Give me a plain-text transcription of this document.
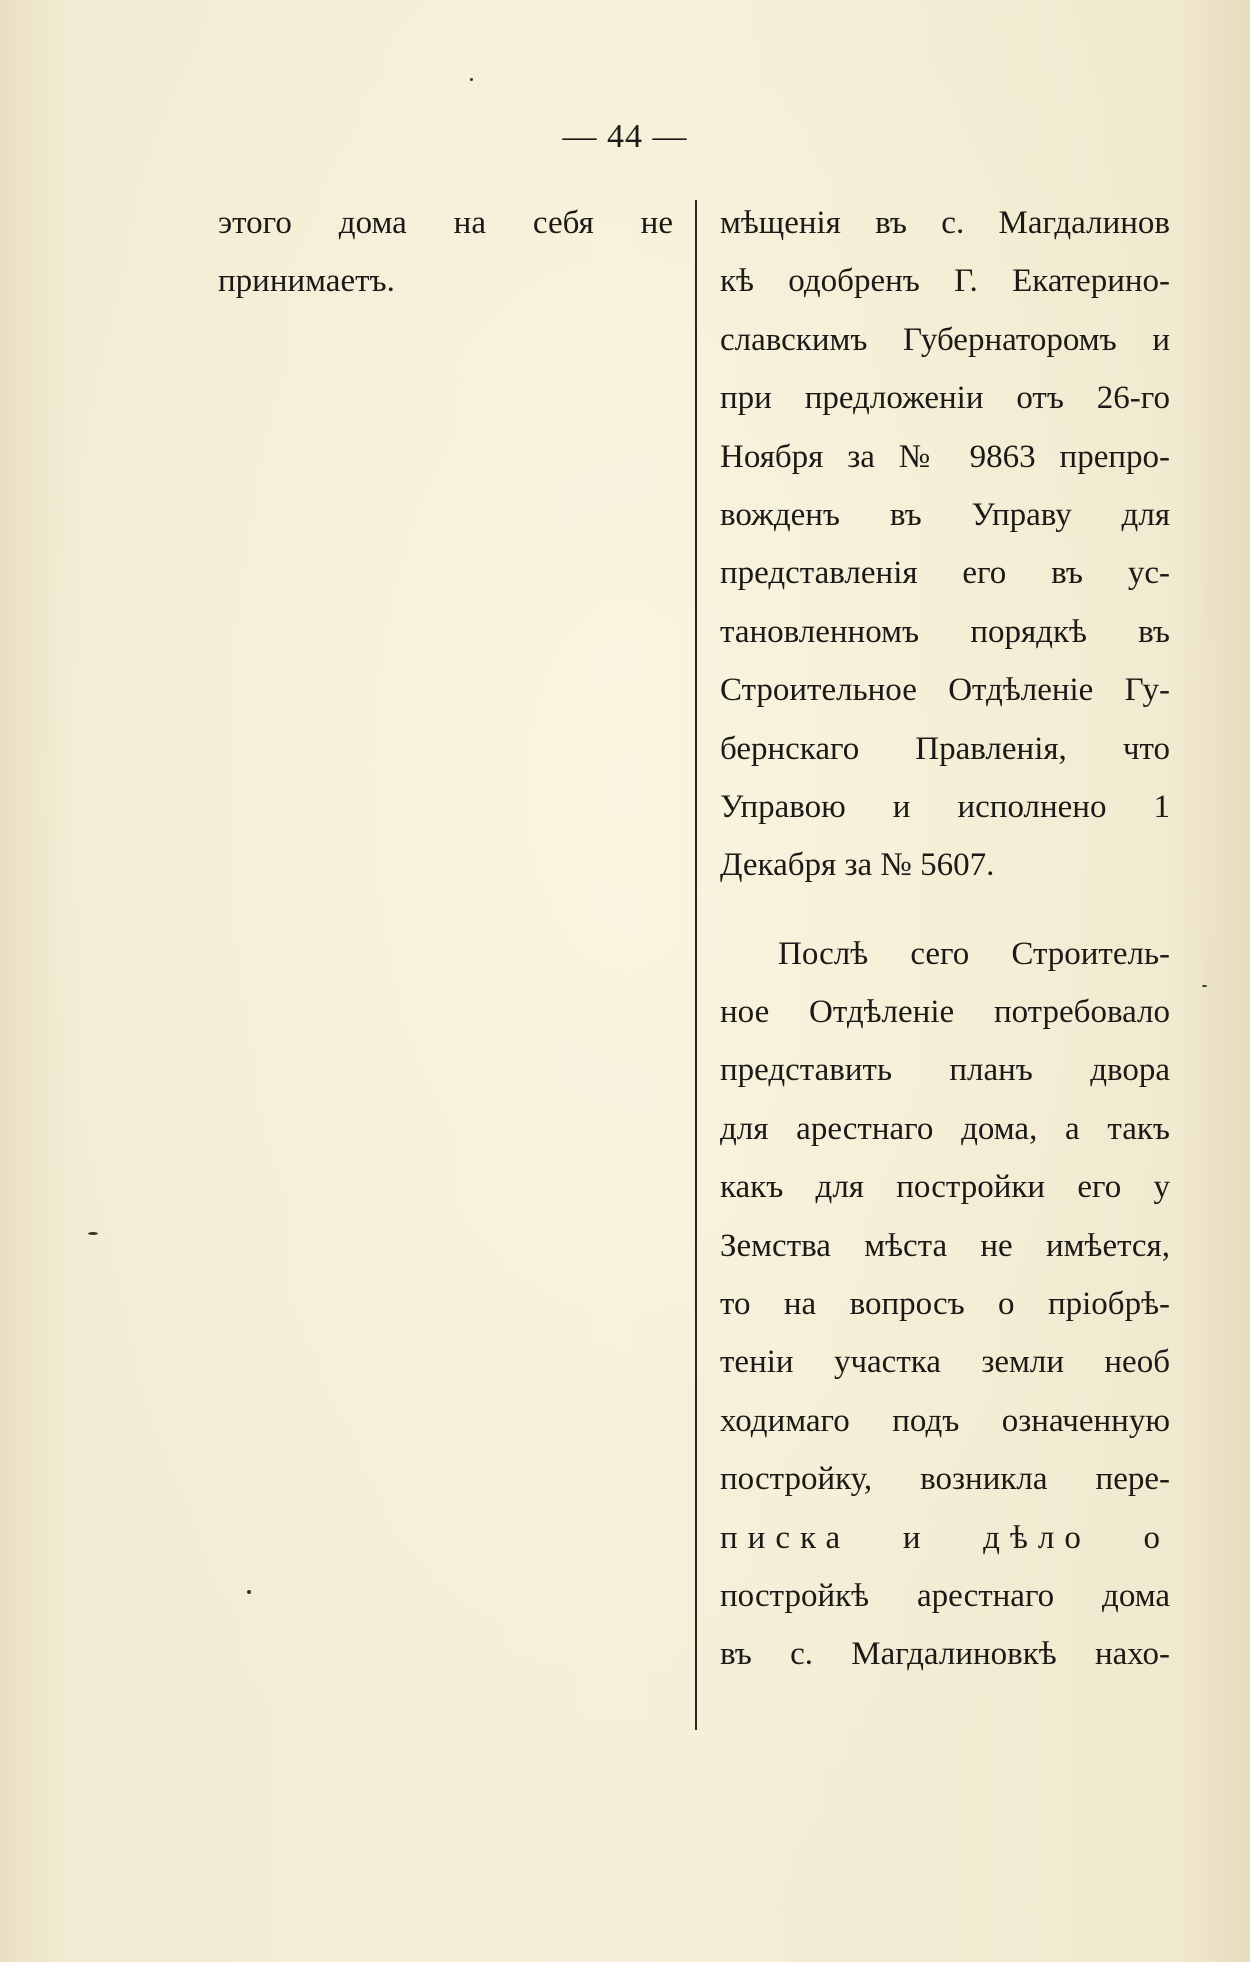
— 44 —
этого дома на себя не
принимаетъ.
мѣщенія въ с. Магдалинов
кѣ одобренъ Г. Екатерино-
славскимъ Губернаторомъ и
при предложеніи отъ 26-го
Ноября за № 9863 препро-
вожденъ въ Управу для
представленія его въ ус-
тановленномъ порядкѣ въ
Строительное Отдѣленіе Гу-
бернскаго Правленія, что
Управою и исполнено 1
Декабря за № 5607.
Послѣ сего Строитель-
ное Отдѣленіе потребовало
представить планъ двора
для арестнаго дома, а такъ
какъ для постройки его у
Земства мѣста не имѣется,
то на вопросъ о пріобрѣ-
теніи участка земли необ
ходимаго подъ означенную
постройку, возникла пере-
писка и дѣло о
постройкѣ арестнаго дома
въ с. Магдалиновкѣ нахо-
